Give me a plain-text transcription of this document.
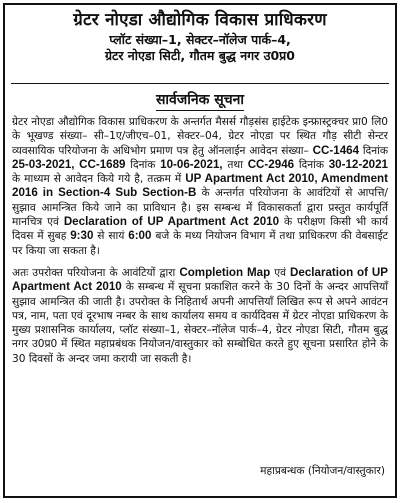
ग्रेटर नोएडा औद्योगिक विकास प्राधिकरण
प्लॉट संख्या–1, सेक्टर–नॉलेज पार्क–4,
ग्रेटर नोएडा सिटी, गौतम बुद्ध नगर उ0प्र0
सार्वजनिक सूचना

ग्रेटर नोएडा औद्योगिक विकास प्राधिकरण के अन्तर्गत मैसर्स गौड़संस हाईटेक इन्फ्रास्ट्रक्चर प्रा0 लि0 के भूखण्ड संख्या– सी–1ए/जीएच–01, सेक्टर–04, ग्रेटर नोएडा पर स्थित गौड़ सीटी सेन्टर व्यवसायिक परियोजना के अधिभोग प्रमाण पत्र हेतु ऑनलाईन आवेदन संख्या– CC-1464 दिनांक 25-03-2021, CC-1689 दिनांक 10-06-2021, तथा CC-2946 दिनांक 30-12-2021 के माध्यम से आवेदन किये गये है, तत्क्रम में UP Apartment Act 2010, Amendment 2016 in Section-4 Sub Section-B के अन्तर्गत परियोजना के आवंटियों से आपत्ति/सुझाव आमन्त्रित किये जाने का प्राविधान है। इस सम्बन्ध में विकासकर्ता द्वारा प्रस्तुत कार्यपूर्ति मानचित्र एवं Declaration of UP Apartment Act 2010 के परीक्षण किसी भी कार्य दिवस में सुबह 9:30 से सायं 6:00 बजे के मध्य नियोजन विभाग में तथा प्राधिकरण की वेबसाईट पर किया जा सकता है।

अतः उपरोक्त परियोजना के आवंटियों द्वारा Completion Map एवं Declaration of UP Apartment Act 2010 के सम्बन्ध में सूचना प्रकाशित करने के 30 दिनों के अन्दर आपत्तियाँ सुझाव आमन्त्रित की जाती है। उपरोक्त के निहितार्थ अपनी आपत्तियाँ लिखित रूप से अपने आवंटन पत्र, नाम, पता एवं दूरभाष नम्बर के साथ कार्यालय समय व कार्यदिवस में ग्रेटर नोएडा प्राधिकरण के मुख्य प्रशासनिक कार्यालय, प्लॉट संख्या–1, सेक्टर–नॉलेज पार्क–4, ग्रेटर नोएडा सिटी, गौतम बुद्ध नगर उ0प्र0 में स्थित महाप्रबंधक नियोजन/वास्तुकार को सम्बोधित करते हुए सूचना प्रसारित होने के 30 दिवसों के अन्दर जमा करायी जा सकती है।

महाप्रबन्धक (नियोजन/वास्तुकार)
